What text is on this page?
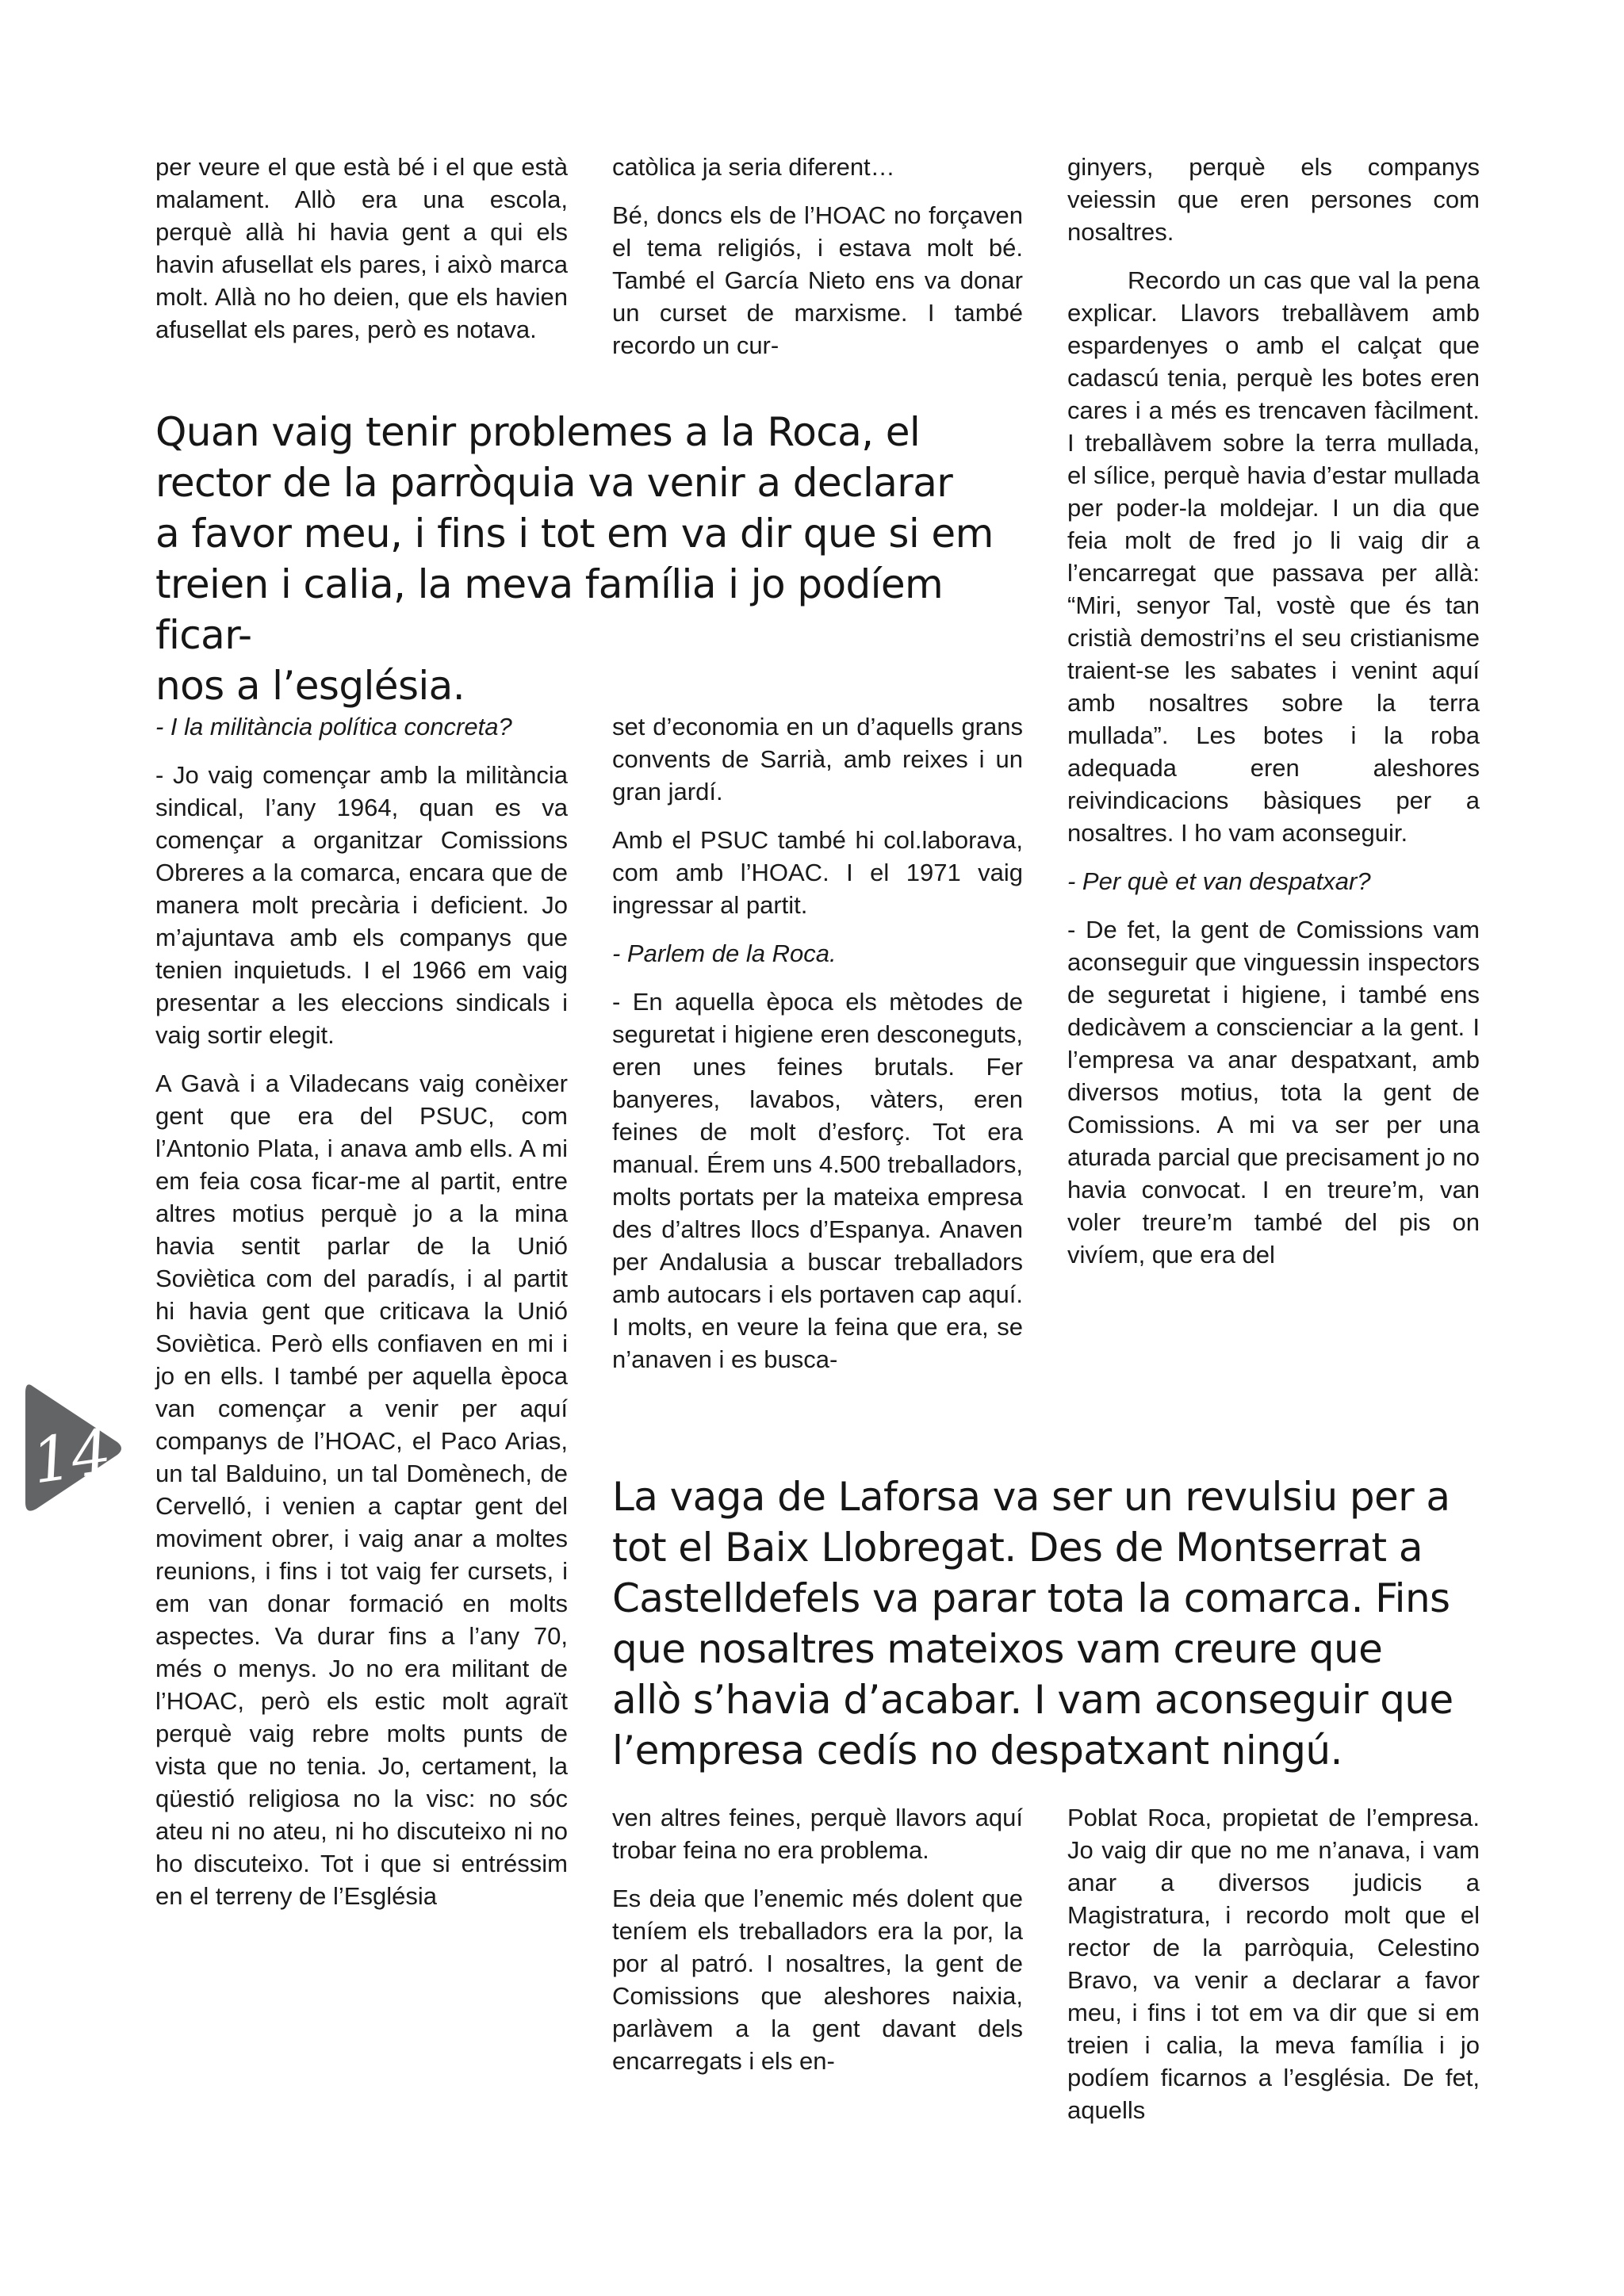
per veure el que està bé i el que està malament. Allò era una escola, perquè allà hi havia gent a qui els havin afusellat els pares, i això marca molt. Allà no ho deien, que els havien afusellat els pares, però es notava.

catòlica ja seria diferent…

Bé, doncs els de l’HOAC no forçaven el tema religiós, i estava molt bé. També el García Nieto ens va donar un curset de marxisme. I també recordo un cur-

ginyers, perquè els companys veiessin que eren persones com nosaltres.

Recordo un cas que val la pena explicar. Llavors treballàvem amb espardenyes o amb el calçat que cadascú tenia, perquè les botes eren cares i a més es trencaven fàcilment. I treballàvem sobre la terra mullada, el sílice, perquè havia d’estar mullada per poder-la moldejar. I un dia que feia molt de fred jo li vaig dir a l’encarregat que passava per allà: “Miri, senyor Tal, vostè que és tan cristià demostri’ns el seu cristianisme traient-se les sabates i venint aquí amb nosaltres sobre la terra mullada”. Les botes i la roba adequada eren aleshores reivindicacions bàsiques per a nosaltres. I ho vam aconseguir.

- Per què et van despatxar?

- De fet, la gent de Comissions vam aconseguir que vinguessin inspectors de seguretat i higiene, i també ens dedicàvem a conscienciar a la gent. I l’empresa va anar despatxant, amb diversos motius, tota la gent de Comissions. A mi va ser per una aturada parcial que precisament jo no havia convocat. I en treure’m, van voler treure’m també del pis on vivíem, que era del

Quan vaig tenir problemes a la Roca, el
rector de la parròquia va venir a declarar
a favor meu, i fins i tot em va dir que si em
treien i calia, la meva família i jo podíem ficar-
nos a l’església.

- I la militància política concreta?

- Jo vaig començar amb la militància sindical, l’any 1964, quan es va començar a organitzar Comissions Obreres a la comarca, encara que de manera molt precària i deficient. Jo m’ajuntava amb els companys que tenien inquietuds. I el 1966 em vaig presentar a les eleccions sindicals i vaig sortir elegit.

A Gavà i a Viladecans vaig conèixer gent que era del PSUC, com l’Antonio Plata, i anava amb ells. A mi em feia cosa ficar-me al partit, entre altres motius perquè jo a la mina havia sentit parlar de la Unió Soviètica com del paradís, i al partit hi havia gent que criticava la Unió Soviètica. Però ells confiaven en mi i jo en ells. I també per aquella època van començar a venir per aquí companys de l’HOAC, el Paco Arias, un tal Balduino, un tal Domènech, de Cervelló, i venien a captar gent del moviment obrer, i vaig anar a moltes reunions, i fins i tot vaig fer cursets, i em van donar formació en molts aspectes. Va durar fins a l’any 70, més o menys. Jo no era militant de l’HOAC, però els estic molt agraït perquè vaig rebre molts punts de vista que no tenia. Jo, certament, la qüestió religiosa no la visc: no sóc ateu ni no ateu, ni ho discuteixo ni no ho discuteixo. Tot i que si entréssim en el terreny de l’Església

set d’economia en un d’aquells grans convents de Sarrià, amb reixes i un gran jardí.

Amb el PSUC també hi col.laborava, com amb l’HOAC. I el 1971 vaig ingressar al partit.

- Parlem de la Roca.

- En aquella època els mètodes de seguretat i higiene eren desconeguts, eren unes feines brutals. Fer banyeres, lavabos, vàters, eren feines de molt d’esforç. Tot era manual. Érem uns 4.500 treballadors, molts portats per la mateixa empresa des d’altres llocs d’Espanya. Anaven per Andalusia a buscar treballadors amb autocars i els portaven cap aquí. I molts, en veure la feina que era, se n’anaven i es busca-

La vaga de Laforsa va ser un revulsiu per a
tot el Baix Llobregat. Des de Montserrat a
Castelldefels va parar tota la comarca. Fins
que nosaltres mateixos vam creure que
allò s’havia d’acabar. I vam aconseguir que
l’empresa cedís no despatxant ningú.

ven altres feines, perquè llavors aquí trobar feina no era problema.

Es deia que l’enemic més dolent que teníem els treballadors era la por, la por al patró. I nosaltres, la gent de Comissions que aleshores naixia, parlàvem a la gent davant dels encarregats i els en-

Poblat Roca, propietat de l’empresa. Jo vaig dir que no me n’anava, i vam anar a diversos judicis a Magistratura, i recordo molt que el rector de la parròquia, Celestino Bravo, va venir a declarar a favor meu, i fins i tot em va dir que si em treien i calia, la meva família i jo podíem ficarnos a l’església. De fet, aquells

14
